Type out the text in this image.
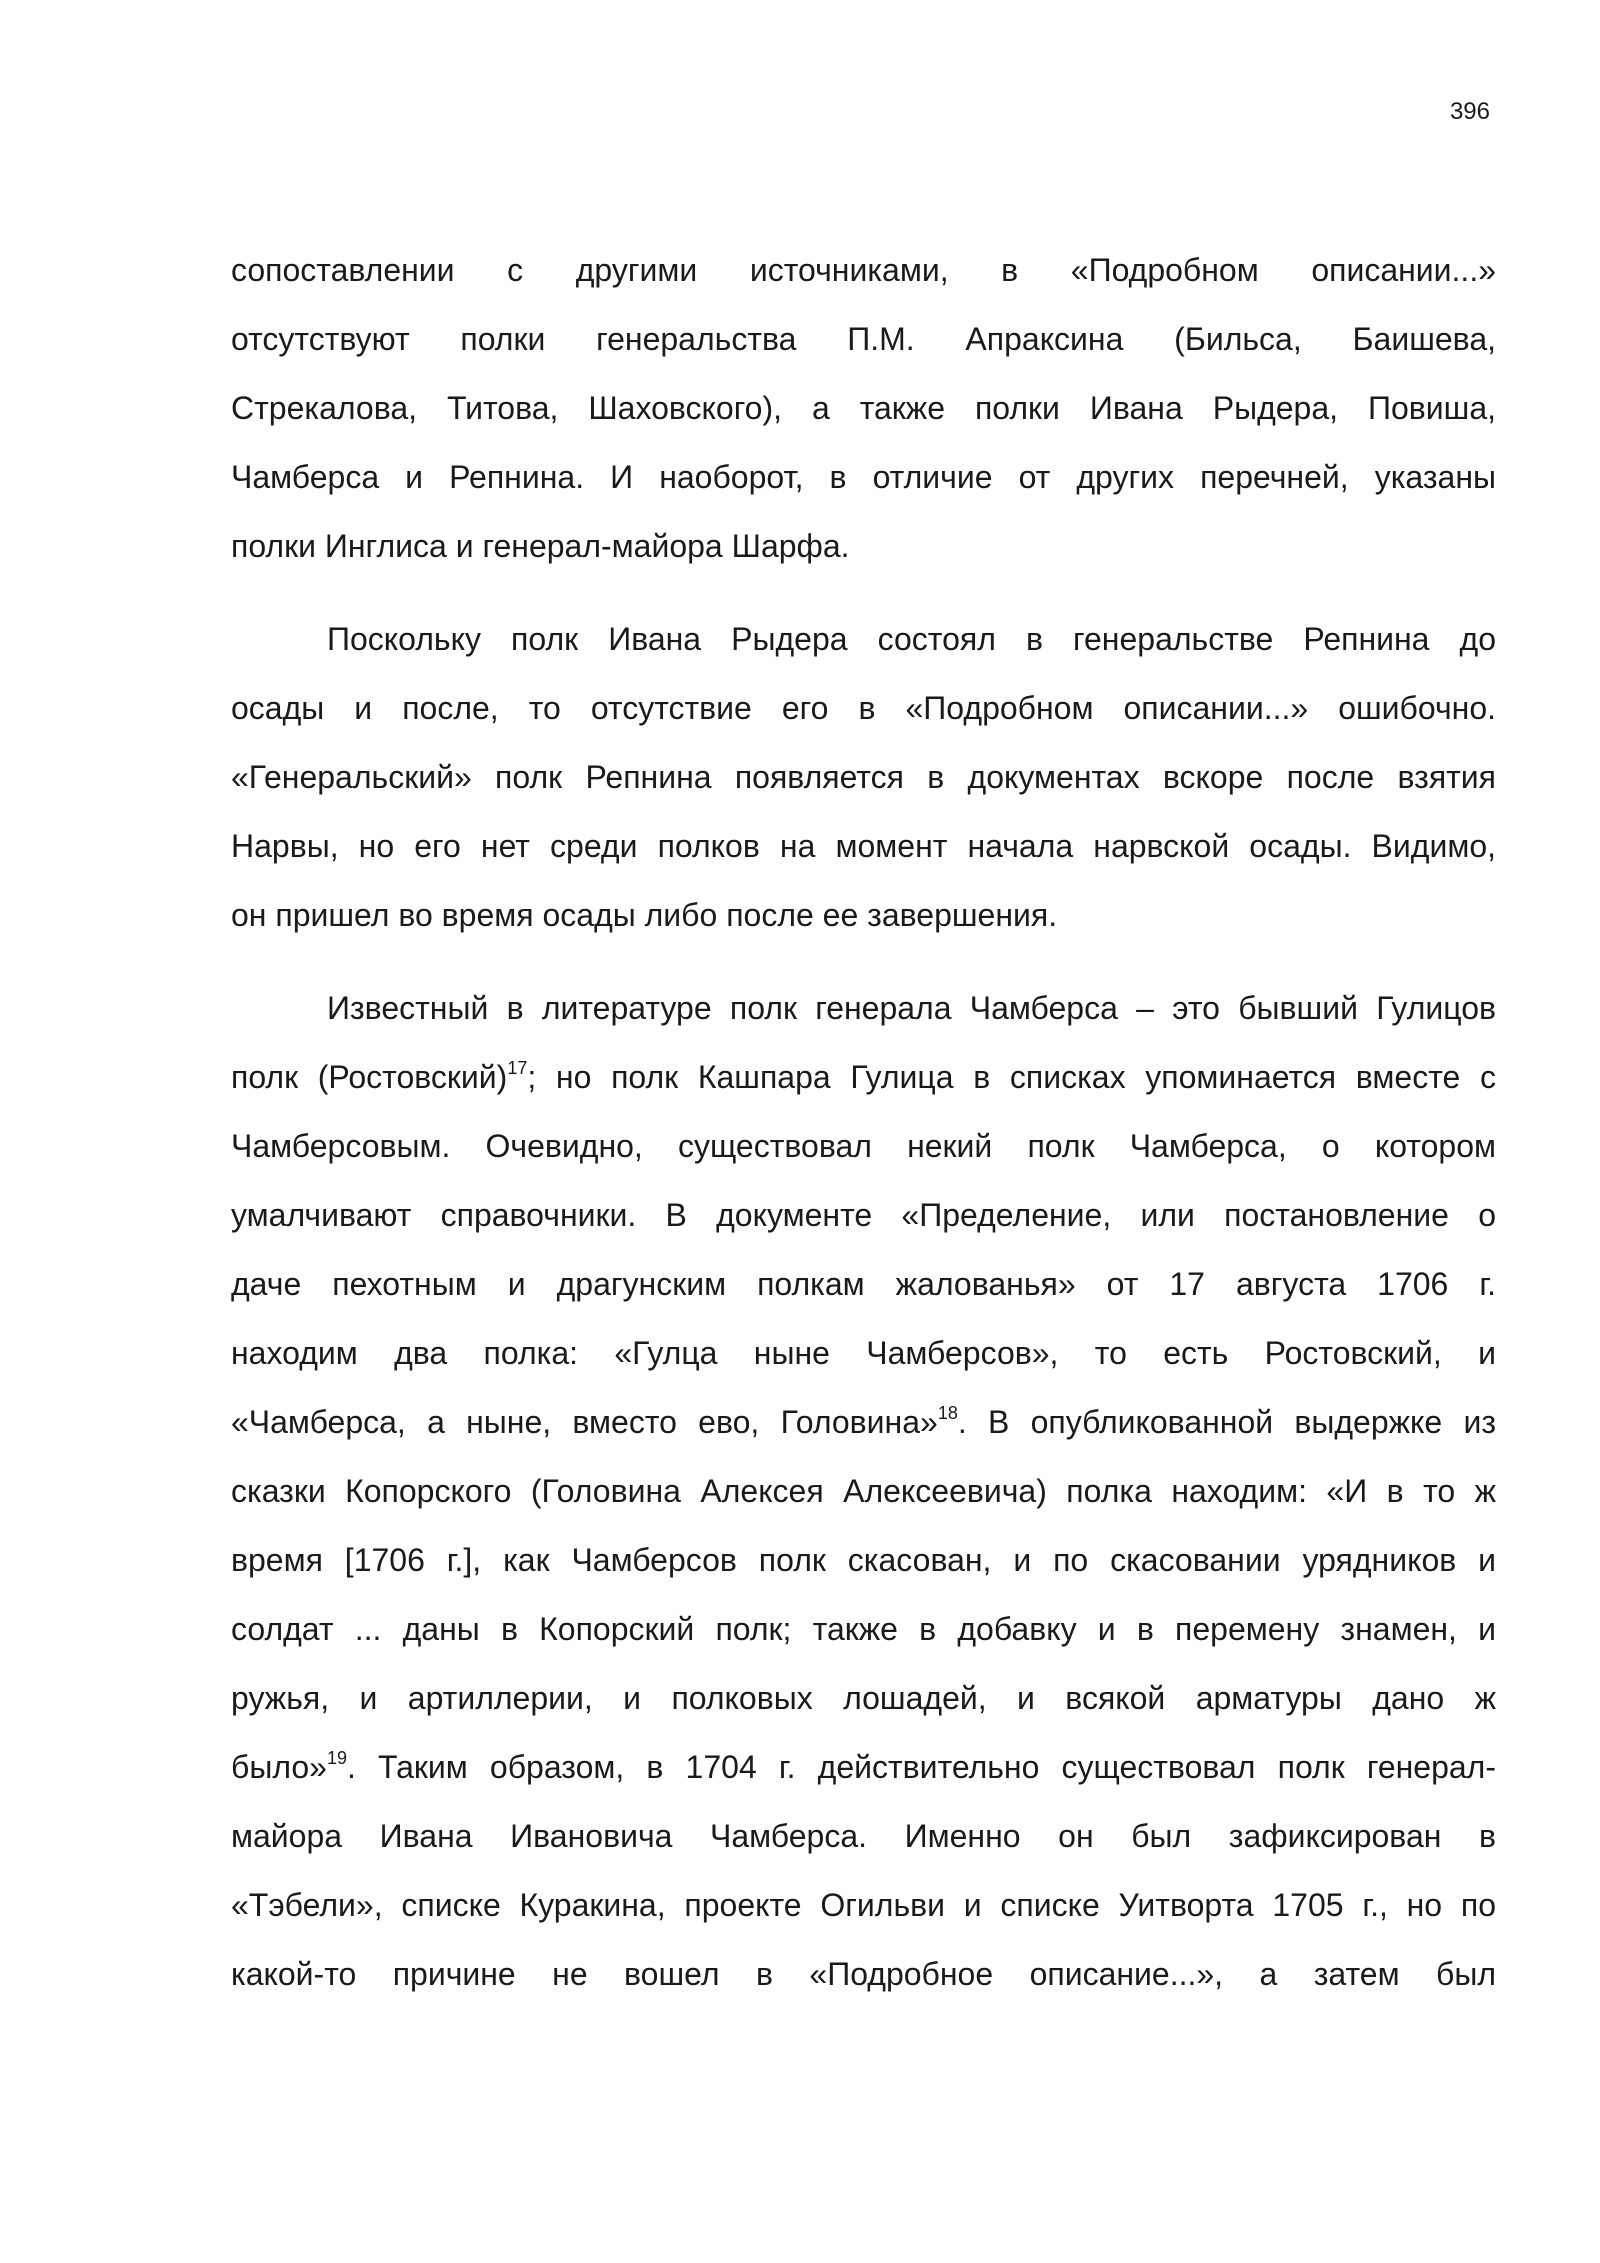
396
сопоставлении с другими источниками, в «Подробном описании...»
отсутствуют полки генеральства П.М. Апраксина (Бильса, Баишева,
Стрекалова, Титова, Шаховского), а также полки Ивана Рыдера, Повиша,
Чамберса и Репнина. И наоборот, в отличие от других перечней, указаны
полки Инглиса и генерал-майора Шарфа.
Поскольку полк Ивана Рыдера состоял в генеральстве Репнина до
осады и после, то отсутствие его в «Подробном описании...» ошибочно.
«Генеральский» полк Репнина появляется в документах вскоре после взятия
Нарвы, но его нет среди полков на момент начала нарвской осады. Видимо,
он пришел во время осады либо после ее завершения.
Известный в литературе полк генерала Чамберса – это бывший Гулицов
полк (Ростовский)$^{17}$; но полк Кашпара Гулица в списках упоминается вместе с
Чамберсовым. Очевидно, существовал некий полк Чамберса, о котором
умалчивают справочники. В документе «Пределение, или постановление о
даче пехотным и драгунским полкам жалованья» от 17 августа 1706 г.
находим два полка: «Гулца ныне Чамберсов», то есть Ростовский, и
«Чамберса, а ныне, вместо ево, Головина»$^{18}$. В опубликованной выдержке из
сказки Копорского (Головина Алексея Алексеевича) полка находим: «И в то ж
время [1706 г.], как Чамберсов полк скасован, и по скасовании урядников и
солдат ... даны в Копорский полк; также в добавку и в перемену знамен, и
ружья, и артиллерии, и полковых лошадей, и всякой арматуры дано ж
было»$^{19}$. Таким образом, в 1704 г. действительно существовал полк генерал-
майора Ивана Ивановича Чамберса. Именно он был зафиксирован в
«Тэбели», списке Куракина, проекте Огильви и списке Уитворта 1705 г., но по
какой-то причине не вошел в «Подробное описание...», а затем был
